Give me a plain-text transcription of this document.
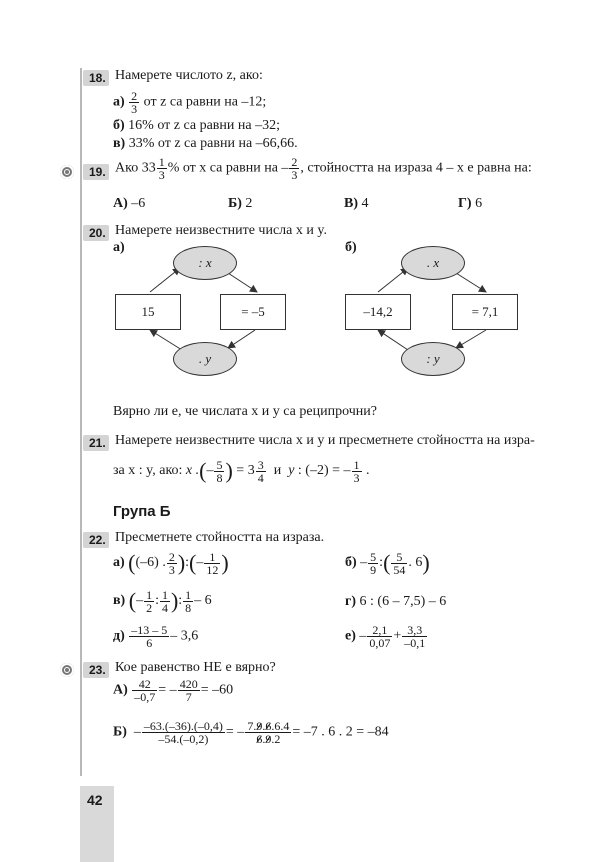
18. Намерете числото z, ако:
$а) \frac{2}{3}$ от z са равни на –12;
б) 16% от z са равни на –32;
в) 33% от z са равни на –66,66.
19. Ако $33 \frac{1}{3}$ % от x са равни на – $\frac{2}{3}$ , стойността на израза 4 – x е равна на:
А) –6	Б) 2	В) 4	Г) 6
20. Намерете неизвестните числа x и y.
а)	б)
: x
15	= –5
. y
. x
–14,2	= 7,1
: y
Вярно ли е, че числата x и y са реципрочни?
21. Намерете неизвестните числа x и y и пресметнете стойността на изра-
за x : y, ако: x .(– $\frac{5}{8}$ ) = $3 \frac{3}{4}$ и  y : (–2) = – $\frac{1}{3}$ .
Група Б
22. Пресметнете стойността на израза.
а) ((–6) . $\frac{2}{3}$ ):(– $\frac{1}{12}$ )	$б) - \frac{5}{9}$ :( $\frac{5}{54}$ . 6)
в) (– $\frac{1}{2}$ : $\frac{1}{4}$ ): $\frac{1}{8} - 6$	г) 6 : (6 – 7,5) – 6
$д) \frac{-13 - 5}{6} - 3,6$	$е) - \frac{2,1}{0,07} + \frac{3,3}{-0,1}$
23. Кое равенство НЕ е вярно?
$А) \frac{42}{-0,7}$ = – $\frac{420}{7} = -60$
$Б) - \frac{-63.(-36).(-0,4)}{-54.(-0,2)}$ = – $\frac{7.9.6.6.4}{6.9.2} = -7$ . 6 . 2 = –84
42
